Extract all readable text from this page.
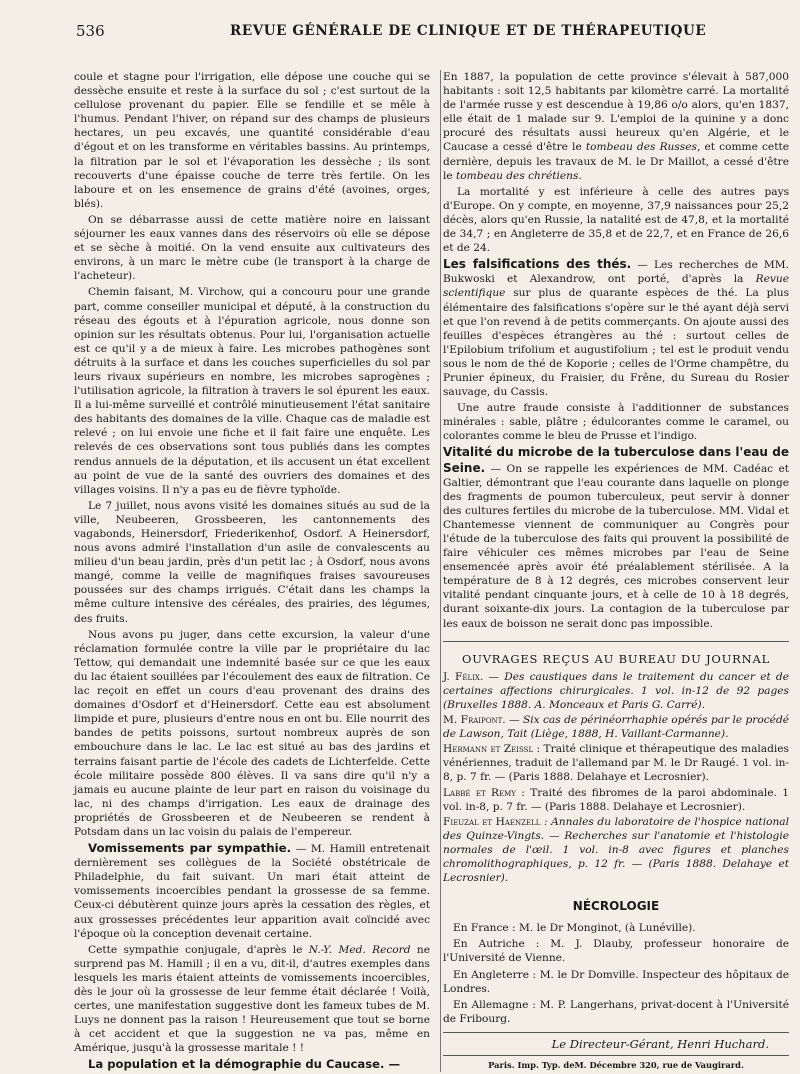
536	REVUE GÉNÉRALE DE CLINIQUE ET DE THÉRAPEUTIQUE

coule et stagne pour l'irrigation, elle dépose une couche qui se dessèche ensuite et reste à la surface du sol ; c'est surtout de la cellulose provenant du papier. Elle se fendille et se mêle à l'humus. Pendant l'hiver, on répand sur des champs de plusieurs hectares, un peu excavés, une quantité considérable d'eau d'égout et on les transforme en véritables bassins. Au printemps, la filtration par le sol et l'évaporation les dessèche ; ils sont recouverts d'une épaisse couche de terre très fertile. On les laboure et on les ensemence de grains d'été (avoines, orges, blés).

On se débarrasse aussi de cette matière noire en laissant séjourner les eaux vannes dans des réservoirs où elle se dépose et se sèche à moitié. On la vend ensuite aux cultivateurs des environs, à un marc le mètre cube (le transport à la charge de l'acheteur).

Chemin faisant, M. Virchow, qui a concouru pour une grande part, comme conseiller municipal et député, à la construction du réseau des égouts et à l'épuration agricole, nous donne son opinion sur les résultats obtenus. Pour lui, l'organisation actuelle est ce qu'il y a de mieux à faire. Les microbes pathogènes sont détruits à la surface et dans les couches superficielles du sol par leurs rivaux supérieurs en nombre, les microbes saprogènes ; l'utilisation agricole, la filtration à travers le sol épurent les eaux. Il a lui-même surveillé et contrôlé minutieusement l'état sanitaire des habitants des domaines de la ville. Chaque cas de maladie est relevé ; on lui envoie une fiche et il fait faire une enquête. Les relevés de ces observations sont tous publiés dans les comptes rendus annuels de la députation, et ils accusent un état excellent au point de vue de la santé des ouvriers des domaines et des villages voisins. Il n'y a pas eu de fièvre typhoïde.

Le 7 juillet, nous avons visité les domaines situés au sud de la ville, Neubeeren, Grossbeeren, les cantonnements des vagabonds, Heinersdorf, Friederikenhof, Osdorf. A Heinersdorf, nous avons admiré l'installation d'un asile de convalescents au milieu d'un beau jardin, près d'un petit lac ; à Osdorf, nous avons mangé, comme la veille de magnifiques fraises savoureuses poussées sur des champs irrigués. C'était dans les champs la même culture intensive des céréales, des prairies, des légumes, des fruits.

Nous avons pu juger, dans cette excursion, la valeur d'une réclamation formulée contre la ville par le propriétaire du lac Tettow, qui demandait une indemnité basée sur ce que les eaux du lac étaient souillées par l'écoulement des eaux de filtration. Ce lac reçoit en effet un cours d'eau provenant des drains des domaines d'Osdorf et d'Heinersdorf. Cette eau est absolument limpide et pure, plusieurs d'entre nous en ont bu. Elle nourrit des bandes de petits poissons, surtout nombreux auprès de son embouchure dans le lac. Le lac est situé au bas des jardins et terrains faisant partie de l'école des cadets de Lichterfelde. Cette école militaire possède 800 élèves. Il va sans dire qu'il n'y a jamais eu aucune plainte de leur part en raison du voisinage du lac, ni des champs d'irrigation. Les eaux de drainage des propriétés de Grossbeeren et de Neubeeren se rendent à Potsdam dans un lac voisin du palais de l'empereur.

Vomissements par sympathie. — M. Hamill entretenait dernièrement ses collègues de la Société obstétricale de Philadelphie, du fait suivant. Un mari était atteint de vomissements incoercibles pendant la grossesse de sa femme. Ceux-ci débutèrent quinze jours après la cessation des règles, et aux grossesses précédentes leur apparition avait coïncidé avec l'époque où la conception devenait certaine.

Cette sympathie conjugale, d'après le N.-Y. Med. Record ne surprend pas M. Hamill ; il en a vu, dit-il, d'autres exemples dans lesquels les maris étaient atteints de vomissements incoercibles, dès le jour où la grossesse de leur femme était déclarée ! Voilà, certes, une manifestation suggestive dont les fameux tubes de M. Luys ne donnent pas la raison ! Heureusement que tout se borne à cet accident et que la suggestion ne va pas, même en Amérique, jusqu'à la grossesse maritale ! !

La population et la démographie du Caucase. —

En 1887, la population de cette province s'élevait à 587,000 habitants : soit 12,5 habitants par kilomètre carré. La mortalité de l'armée russe y est descendue à 19,86 o/o alors, qu'en 1837, elle était de 1 malade sur 9. L'emploi de la quinine y a donc procuré des résultats aussi heureux qu'en Algérie, et le Caucase a cessé d'être le tombeau des Russes, et comme cette dernière, depuis les travaux de M. le Dr Maillot, a cessé d'être le tombeau des chrétiens.

La mortalité y est inférieure à celle des autres pays d'Europe. On y compte, en moyenne, 37,9 naissances pour 25,2 décès, alors qu'en Russie, la natalité est de 47,8, et la mortalité de 34,7 ; en Angleterre de 35,8 et de 22,7, et en France de 26,6 et de 24.

Les falsifications des thés. — Les recherches de MM. Bukwoski et Alexandrow, ont porté, d'après la Revue scientifique sur plus de quarante espèces de thé. La plus élémentaire des falsifications s'opère sur le thé ayant déjà servi et que l'on revend à de petits commerçants. On ajoute aussi des feuilles d'espèces étrangères au thé : surtout celles de l'Epilobium trifolium et augustifolium ; tel est le produit vendu sous le nom de thé de Koporie ; celles de l'Orme champêtre, du Prunier épineux, du Fraisier, du Frêne, du Sureau du Rosier sauvage, du Cassis.

Une autre fraude consiste à l'additionner de substances minérales : sable, plâtre ; édulcorantes comme le caramel, ou colorantes comme le bleu de Prusse et l'indigo.

Vitalité du microbe de la tuberculose dans l'eau de Seine. — On se rappelle les expériences de MM. Cadéac et Galtier, démontrant que l'eau courante dans laquelle on plonge des fragments de poumon tuberculeux, peut servir à donner des cultures fertiles du microbe de la tuberculose. MM. Vidal et Chantemesse viennent de communiquer au Congrès pour l'étude de la tuberculose des faits qui prouvent la possibilité de faire véhiculer ces mêmes microbes par l'eau de Seine ensemencée après avoir été préalablement stérilisée. A la température de 8 à 12 degrés, ces microbes conservent leur vitalité pendant cinquante jours, et à celle de 10 à 18 degrés, durant soixante-dix jours. La contagion de la tuberculose par les eaux de boisson ne serait donc pas impossible.

OUVRAGES REÇUS AU BUREAU DU JOURNAL

J. Félix. — Des caustiques dans le traitement du cancer et de certaines affections chirurgicales. 1 vol. in-12 de 92 pages (Bruxelles 1888. A. Monceaux et Paris G. Carré).

M. Fraipont. — Six cas de périnéorrhaphie opérés par le procédé de Lawson, Tait (Liège, 1888, H. Vaillant-Carmanne).

Hermann et Zeissl : Traité clinique et thérapeutique des maladies vénériennes, traduit de l'allemand par M. le Dr Raugé. 1 vol. in-8, p. 7 fr. — (Paris 1888. Delahaye et Lecrosnier).

Labbé et Remy : Traité des fibromes de la paroi abdominale. 1 vol. in-8, p. 7 fr. — (Paris 1888. Delahaye et Lecrosnier).

Fieuzal et Haenzell : Annales du laboratoire de l'hospice national des Quinze-Vingts. — Recherches sur l'anatomie et l'histologie normales de l'œil. 1 vol. in-8 avec figures et planches chromolithographiques, p. 12 fr. — (Paris 1888. Delahaye et Lecrosnier).

NÉCROLOGIE

En France : M. le Dr Monginot, (à Lunéville).

En Autriche : M. J. Dlauby, professeur honoraire de l'Université de Vienne.

En Angleterre : M. le Dr Domville. Inspecteur des hôpitaux de Londres.

En Allemagne : M. P. Langerhans, privat-docent à l'Université de Fribourg.

Le Directeur-Gérant, Henri Huchard.
Paris. Imp. Typ. deM. Décembre 320, rue de Vaugirard.
